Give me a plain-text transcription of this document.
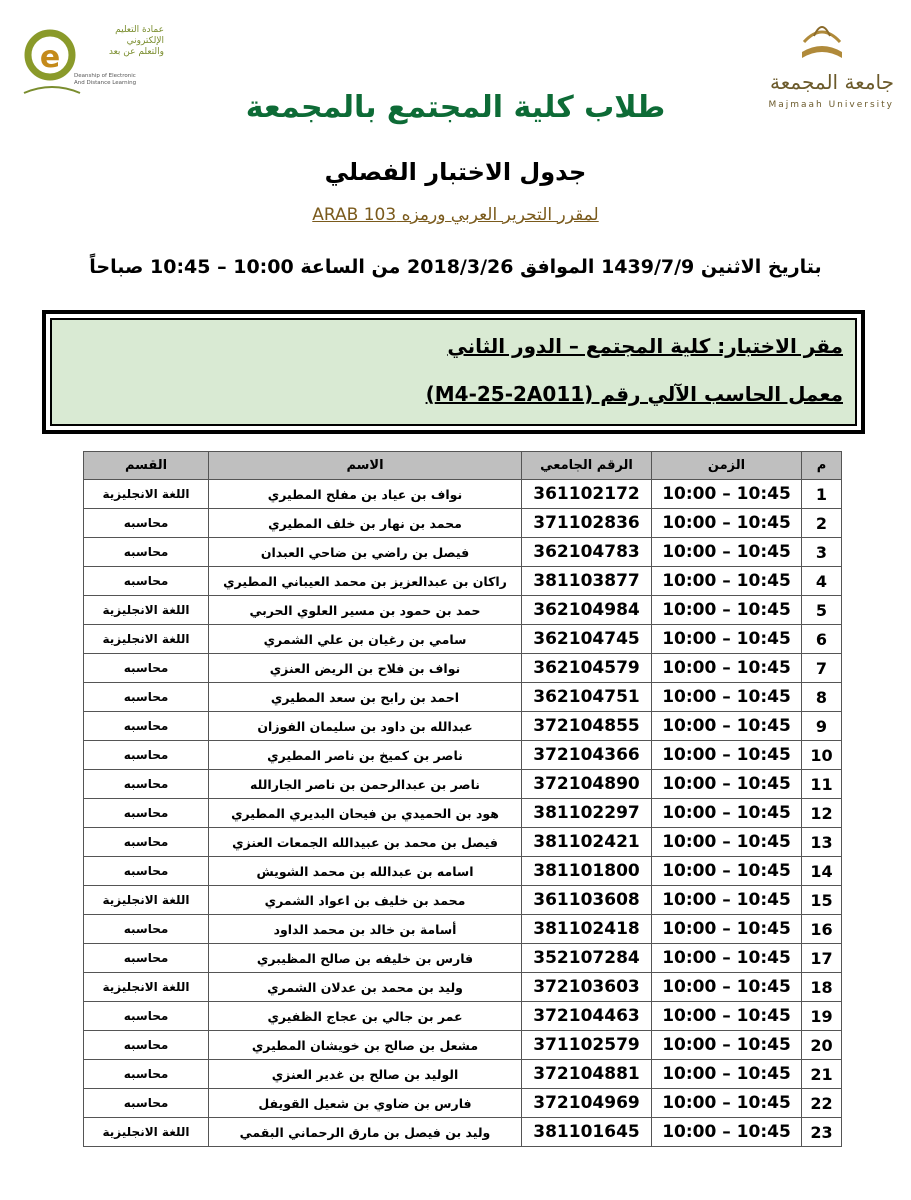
e
عمادة التعليم
الإلكتروني
والتعلم عن بعد
Deanship of Electronic
And Distance Learning	جامعة المجمعة
Majmaah University
طلاب كلية المجتمع بالمجمعة
جدول الاختبار الفصلي
لمقرر التحرير العربي ورمزه ARAB 103
بتاريخ الاثنين 1439/7/9 الموافق 2018/3/26 من الساعة 10:00 – 10:45 صباحاً
مقر الاختبار: كلية المجتمع – الدور الثاني
معمل الحاسب الآلي رقم (M4-25-2A011)
م	الزمن	الرقم الجامعي	الاسم	القسم
1	10:00 – 10:45	361102172	نواف بن عياد بن مفلح المطيري	اللغة الانجليزية
2	10:00 – 10:45	371102836	محمد بن نهار بن خلف المطيري	محاسبه
3	10:00 – 10:45	362104783	فيصل بن راضي بن ضاحي العبدان	محاسبه
4	10:00 – 10:45	381103877	راكان بن عبدالعزيز بن محمد العيباني المطيري	محاسبه
5	10:00 – 10:45	362104984	حمد بن حمود بن مسير العلوي الحربي	اللغة الانجليزية
6	10:00 – 10:45	362104745	سامي بن رغيان بن علي الشمري	اللغة الانجليزية
7	10:00 – 10:45	362104579	نواف بن فلاح بن الريض العنزي	محاسبه
8	10:00 – 10:45	362104751	احمد بن رابح بن سعد المطيري	محاسبه
9	10:00 – 10:45	372104855	عبدالله بن داود بن سليمان الفوزان	محاسبه
10	10:00 – 10:45	372104366	ناصر بن كميخ بن ناصر المطيري	محاسبه
11	10:00 – 10:45	372104890	ناصر بن عبدالرحمن بن ناصر الجارالله	محاسبه
12	10:00 – 10:45	381102297	هود بن الحميدي بن فيحان البديري المطيري	محاسبه
13	10:00 – 10:45	381102421	فيصل بن محمد بن عبيدالله الجمعات العنزي	محاسبه
14	10:00 – 10:45	381101800	اسامه بن عبدالله بن محمد الشويش	محاسبه
15	10:00 – 10:45	361103608	محمد بن خليف بن اعواد الشمري	اللغة الانجليزية
16	10:00 – 10:45	381102418	أسامة بن خالد بن محمد الداود	محاسبه
17	10:00 – 10:45	352107284	فارس بن خليفه بن صالح المظيبري	محاسبه
18	10:00 – 10:45	372103603	وليد بن محمد بن عدلان الشمري	اللغة الانجليزية
19	10:00 – 10:45	372104463	عمر بن جالي بن عجاج الظفيري	محاسبه
20	10:00 – 10:45	371102579	مشعل بن صالح بن خويشان المطيري	محاسبه
21	10:00 – 10:45	372104881	الوليد بن صالح بن غدير العنزي	محاسبه
22	10:00 – 10:45	372104969	فارس بن ضاوي بن شعيل القويفل	محاسبه
23	10:00 – 10:45	381101645	وليد بن فيصل بن مارق الرحماني البقمي	اللغة الانجليزية
